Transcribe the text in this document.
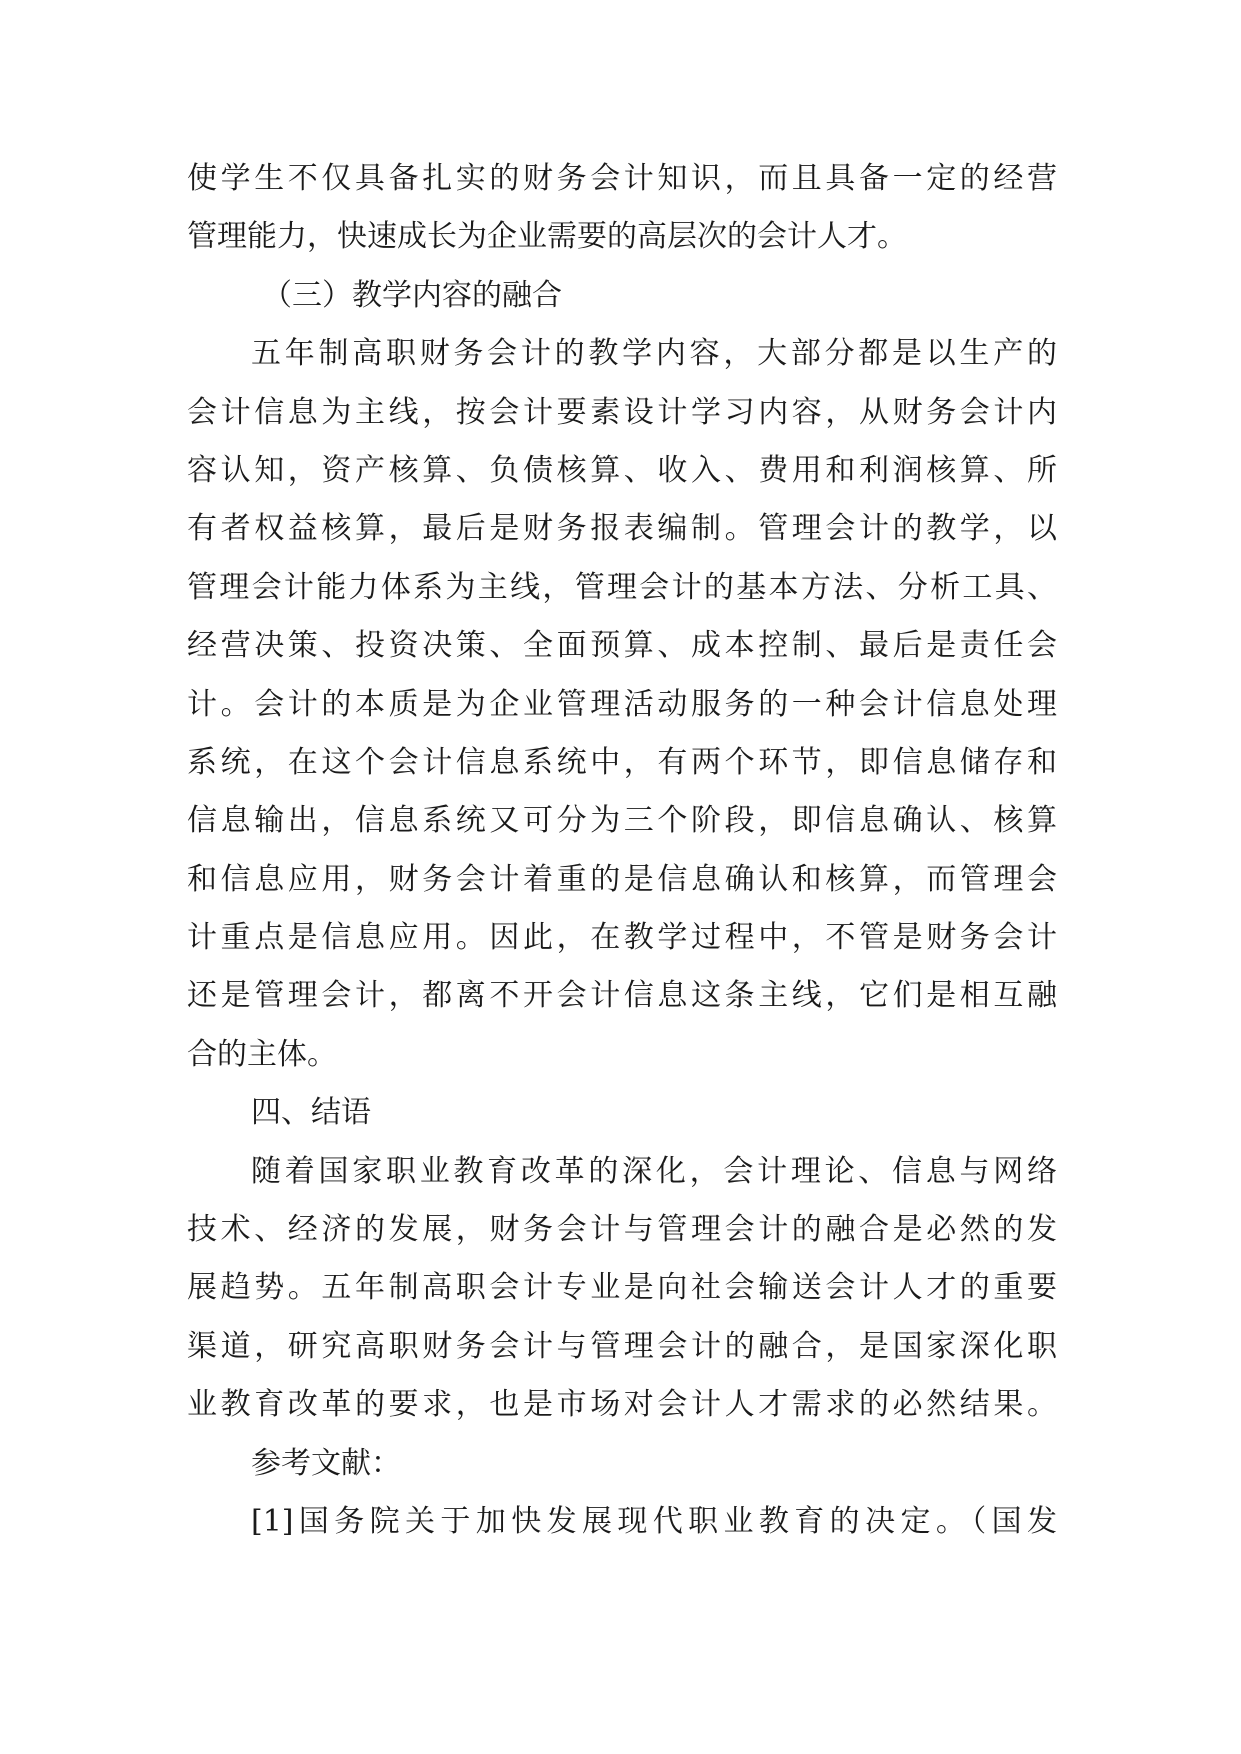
使学生不仅具备扎实的财务会计知识，而且具备一定的经营
管理能力，快速成长为企业需要的高层次的会计人才。
（三）教学内容的融合
五年制高职财务会计的教学内容，大部分都是以生产的
会计信息为主线，按会计要素设计学习内容，从财务会计内
容认知，资产核算、负债核算、收入、费用和利润核算、所
有者权益核算，最后是财务报表编制。管理会计的教学，以
管理会计能力体系为主线，管理会计的基本方法、分析工具、
经营决策、投资决策、全面预算、成本控制、最后是责任会
计。会计的本质是为企业管理活动服务的一种会计信息处理
系统，在这个会计信息系统中，有两个环节，即信息储存和
信息输出，信息系统又可分为三个阶段，即信息确认、核算
和信息应用，财务会计着重的是信息确认和核算，而管理会
计重点是信息应用。因此，在教学过程中，不管是财务会计
还是管理会计，都离不开会计信息这条主线，它们是相互融
合的主体。
四、结语
随着国家职业教育改革的深化，会计理论、信息与网络
技术、经济的发展，财务会计与管理会计的融合是必然的发
展趋势。五年制高职会计专业是向社会输送会计人才的重要
渠道，研究高职财务会计与管理会计的融合，是国家深化职
业教育改革的要求，也是市场对会计人才需求的必然结果。
参考文献：
[1]国务院关于加快发展现代职业教育的决定。（国发
